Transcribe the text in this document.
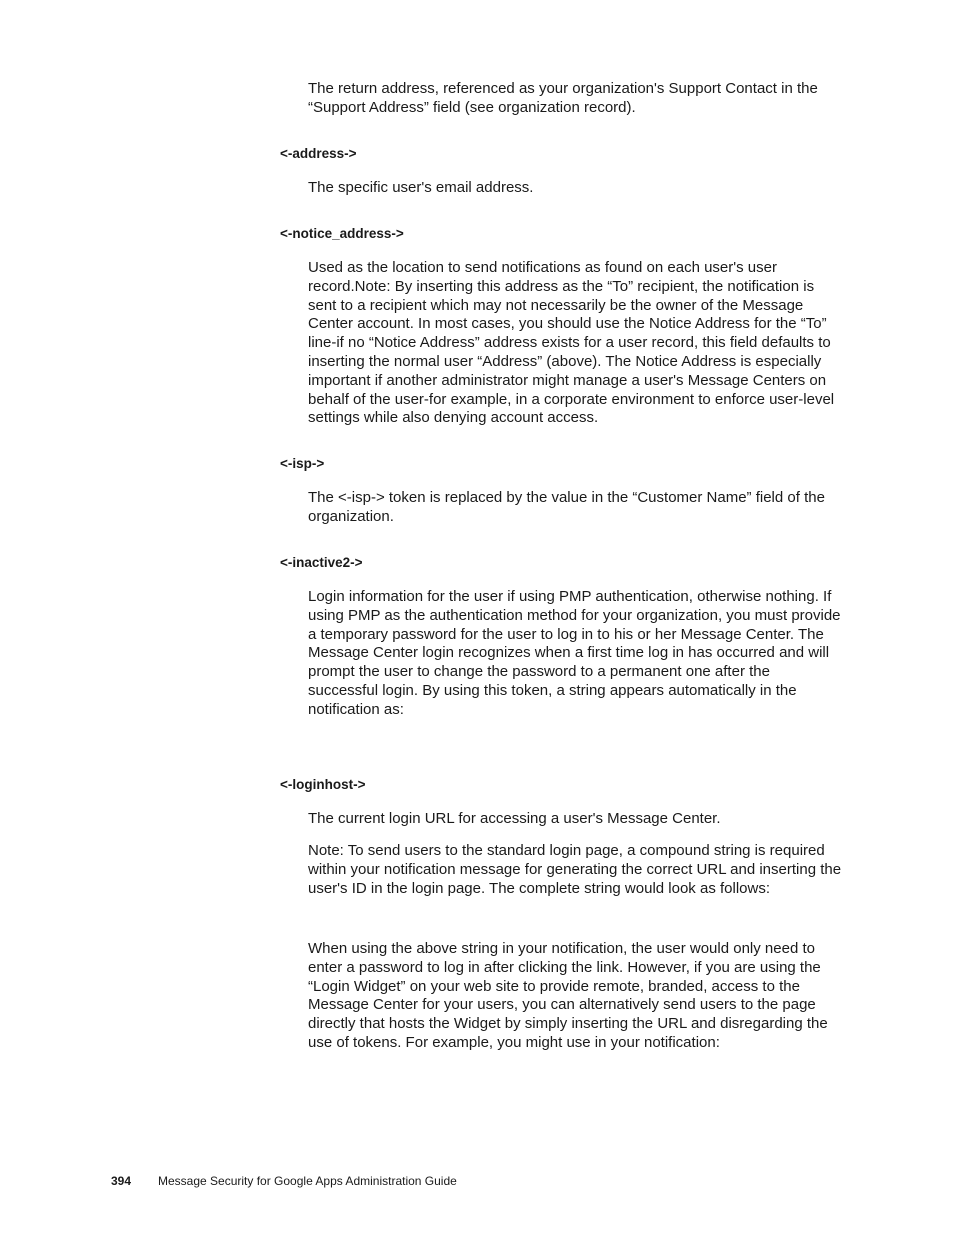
The return address, referenced as your organization's Support Contact in the “Support Address” field (see organization record).

<-address->

The specific user's email address.

<-notice_address->

Used as the location to send notifications as found on each user's user record.Note: By inserting this address as the “To” recipient, the notification is sent to a recipient which may not necessarily be the owner of the Message Center account. In most cases, you should use the Notice Address for the “To” line-if no “Notice Address” address exists for a user record, this field defaults to inserting the normal user “Address” (above). The Notice Address is especially important if another administrator might manage a user's Message Centers on behalf of the user-for example, in a corporate environment to enforce user-level settings while also denying account access.

<-isp->

The <-isp-> token is replaced by the value in the “Customer Name” field of the organization.

<-inactive2->

Login information for the user if using PMP authentication, otherwise nothing. If using PMP as the authentication method for your organization, you must provide a temporary password for the user to log in to his or her Message Center. The Message Center login recognizes when a first time log in has occurred and will prompt the user to change the password to a permanent one after the successful login. By using this token, a string appears automatically in the notification as:

<-loginhost->

The current login URL for accessing a user's Message Center.

Note: To send users to the standard login page, a compound string is required within your notification message for generating the correct URL and inserting the user's ID in the login page. The complete string would look as follows:

When using the above string in your notification, the user would only need to enter a password to log in after clicking the link. However, if you are using the “Login Widget” on your web site to provide remote, branded, access to the Message Center for your users, you can alternatively send users to the page directly that hosts the Widget by simply inserting the URL and disregarding the use of tokens. For example, you might use in your notification:

394 Message Security for Google Apps Administration Guide
